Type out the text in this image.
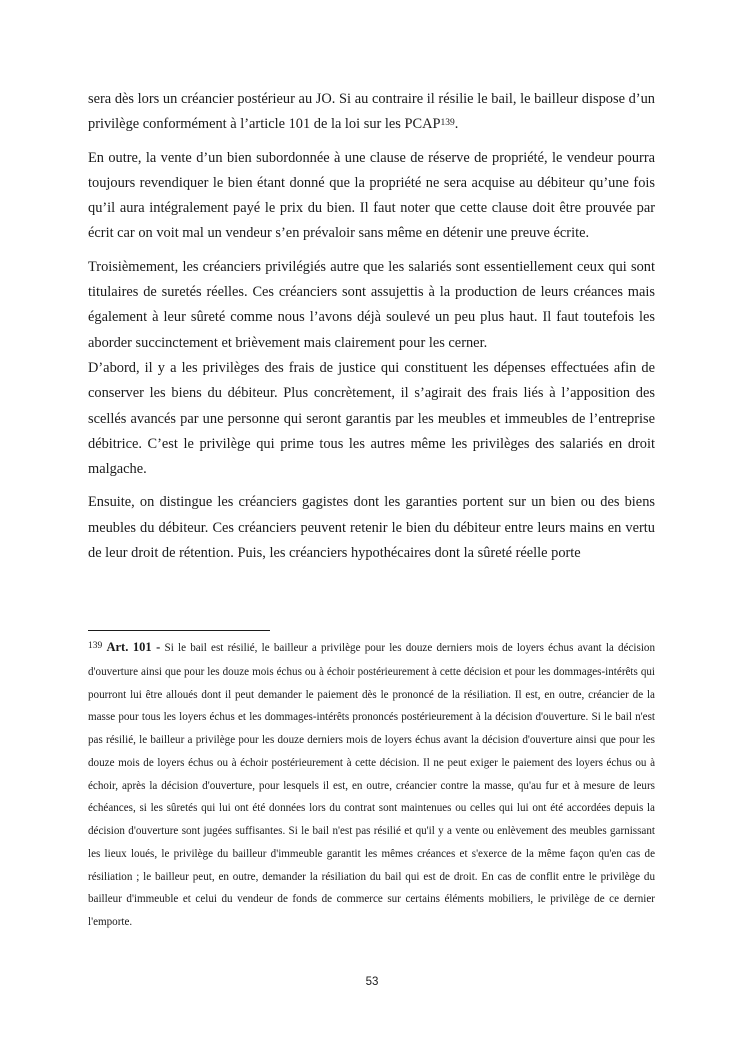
sera dès lors un créancier postérieur au JO. Si au contraire il résilie le bail, le bailleur dispose d’un privilège conformément à l’article 101 de la loi sur les PCAP$^{139}$.

En outre, la vente d’un bien subordonnée à une clause de réserve de propriété, le vendeur pourra toujours revendiquer le bien étant donné que la propriété ne sera acquise au débiteur qu’une fois qu’il aura intégralement payé le prix du bien. Il faut noter que cette clause doit être prouvée par écrit car on voit mal un vendeur s’en prévaloir sans même en détenir une preuve écrite.

Troisièmement, les créanciers privilégiés autre que les salariés sont essentiellement ceux qui sont titulaires de suretés réelles. Ces créanciers sont assujettis à la production de leurs créances mais également à leur sûreté comme nous l’avons déjà soulevé un peu plus haut. Il faut toutefois les aborder succinctement et brièvement mais clairement pour les cerner.

D’abord, il y a les privilèges des frais de justice qui constituent les dépenses effectuées afin de conserver les biens du débiteur. Plus concrètement, il s’agirait des frais liés à l’apposition des scellés avancés par une personne qui seront garantis par les meubles et immeubles de l’entreprise débitrice. C’est le privilège qui prime tous les autres même les privilèges des salariés en droit malgache.

Ensuite, on distingue les créanciers gagistes dont les garanties portent sur un bien ou des biens meubles du débiteur. Ces créanciers peuvent retenir le bien du débiteur entre leurs mains en vertu de leur droit de rétention. Puis, les créanciers hypothécaires dont la sûreté réelle porte

139 Art. 101 - Si le bail est résilié, le bailleur a privilège pour les douze derniers mois de loyers échus avant la décision d'ouverture ainsi que pour les douze mois échus ou à échoir postérieurement à cette décision et pour les dommages-intérêts qui pourront lui être alloués dont il peut demander le paiement dès le prononcé de la résiliation. Il est, en outre, créancier de la masse pour tous les loyers échus et les dommages-intérêts prononcés postérieurement à la décision d'ouverture. Si le bail n'est pas résilié, le bailleur a privilège pour les douze derniers mois de loyers échus avant la décision d'ouverture ainsi que pour les douze mois de loyers échus ou à échoir postérieurement à cette décision. Il ne peut exiger le paiement des loyers échus ou à échoir, après la décision d'ouverture, pour lesquels il est, en outre, créancier contre la masse, qu'au fur et à mesure de leurs échéances, si les sûretés qui lui ont été données lors du contrat sont maintenues ou celles qui lui ont été accordées depuis la décision d'ouverture sont jugées suffisantes. Si le bail n'est pas résilié et qu'il y a vente ou enlèvement des meubles garnissant les lieux loués, le privilège du bailleur d'immeuble garantit les mêmes créances et s'exerce de la même façon qu'en cas de résiliation ; le bailleur peut, en outre, demander la résiliation du bail qui est de droit. En cas de conflit entre le privilège du bailleur d'immeuble et celui du vendeur de fonds de commerce sur certains éléments mobiliers, le privilège de ce dernier l'emporte.
53
